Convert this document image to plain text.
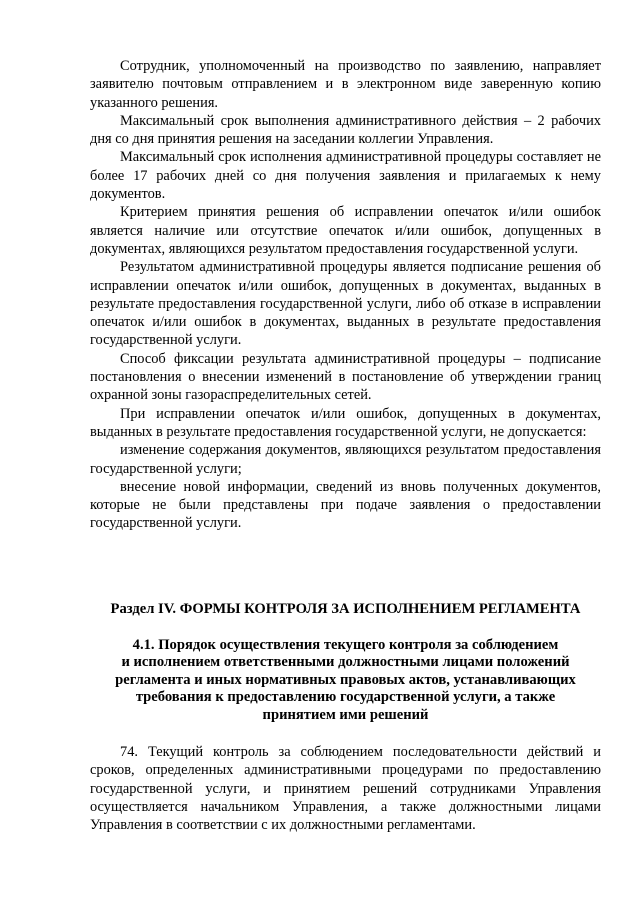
Сотрудник, уполномоченный на производство по заявлению, направляет заявителю почтовым отправлением и в электронном виде заверенную копию указанного решения.

Максимальный срок выполнения административного действия – 2 рабочих дня со дня принятия решения на заседании коллегии Управления.

Максимальный срок исполнения административной процедуры составляет не более 17 рабочих дней со дня получения заявления и прилагаемых к нему документов.

Критерием принятия решения об исправлении опечаток и/или ошибок является наличие или отсутствие опечаток и/или ошибок, допущенных в документах, являющихся результатом предоставления государственной услуги.

Результатом административной процедуры является подписание решения об исправлении опечаток и/или ошибок, допущенных в документах, выданных в результате предоставления государственной услуги, либо об отказе в исправлении опечаток и/или ошибок в документах, выданных в результате предоставления государственной услуги.

Способ фиксации результата административной процедуры – подписание постановления о внесении изменений в постановление об утверждении границ охранной зоны газораспределительных сетей.

При исправлении опечаток и/или ошибок, допущенных в документах, выданных в результате предоставления государственной услуги, не допускается:

изменение содержания документов, являющихся результатом предоставления государственной услуги;

внесение новой информации, сведений из вновь полученных документов, которые не были представлены при подаче заявления о предоставлении государственной услуги.

Раздел IV. ФОРМЫ КОНТРОЛЯ ЗА ИСПОЛНЕНИЕМ РЕГЛАМЕНТА
4.1. Порядок осуществления текущего контроля за соблюдением
и исполнением ответственными должностными лицами положений
регламента и иных нормативных правовых актов, устанавливающих
требования к предоставлению государственной услуги, а также
принятием ими решений

74. Текущий контроль за соблюдением последовательности действий и сроков, определенных административными процедурами по предоставлению государственной услуги, и принятием решений сотрудниками Управления осуществляется начальником Управления, а также должностными лицами Управления в соответствии с их должностными регламентами.
